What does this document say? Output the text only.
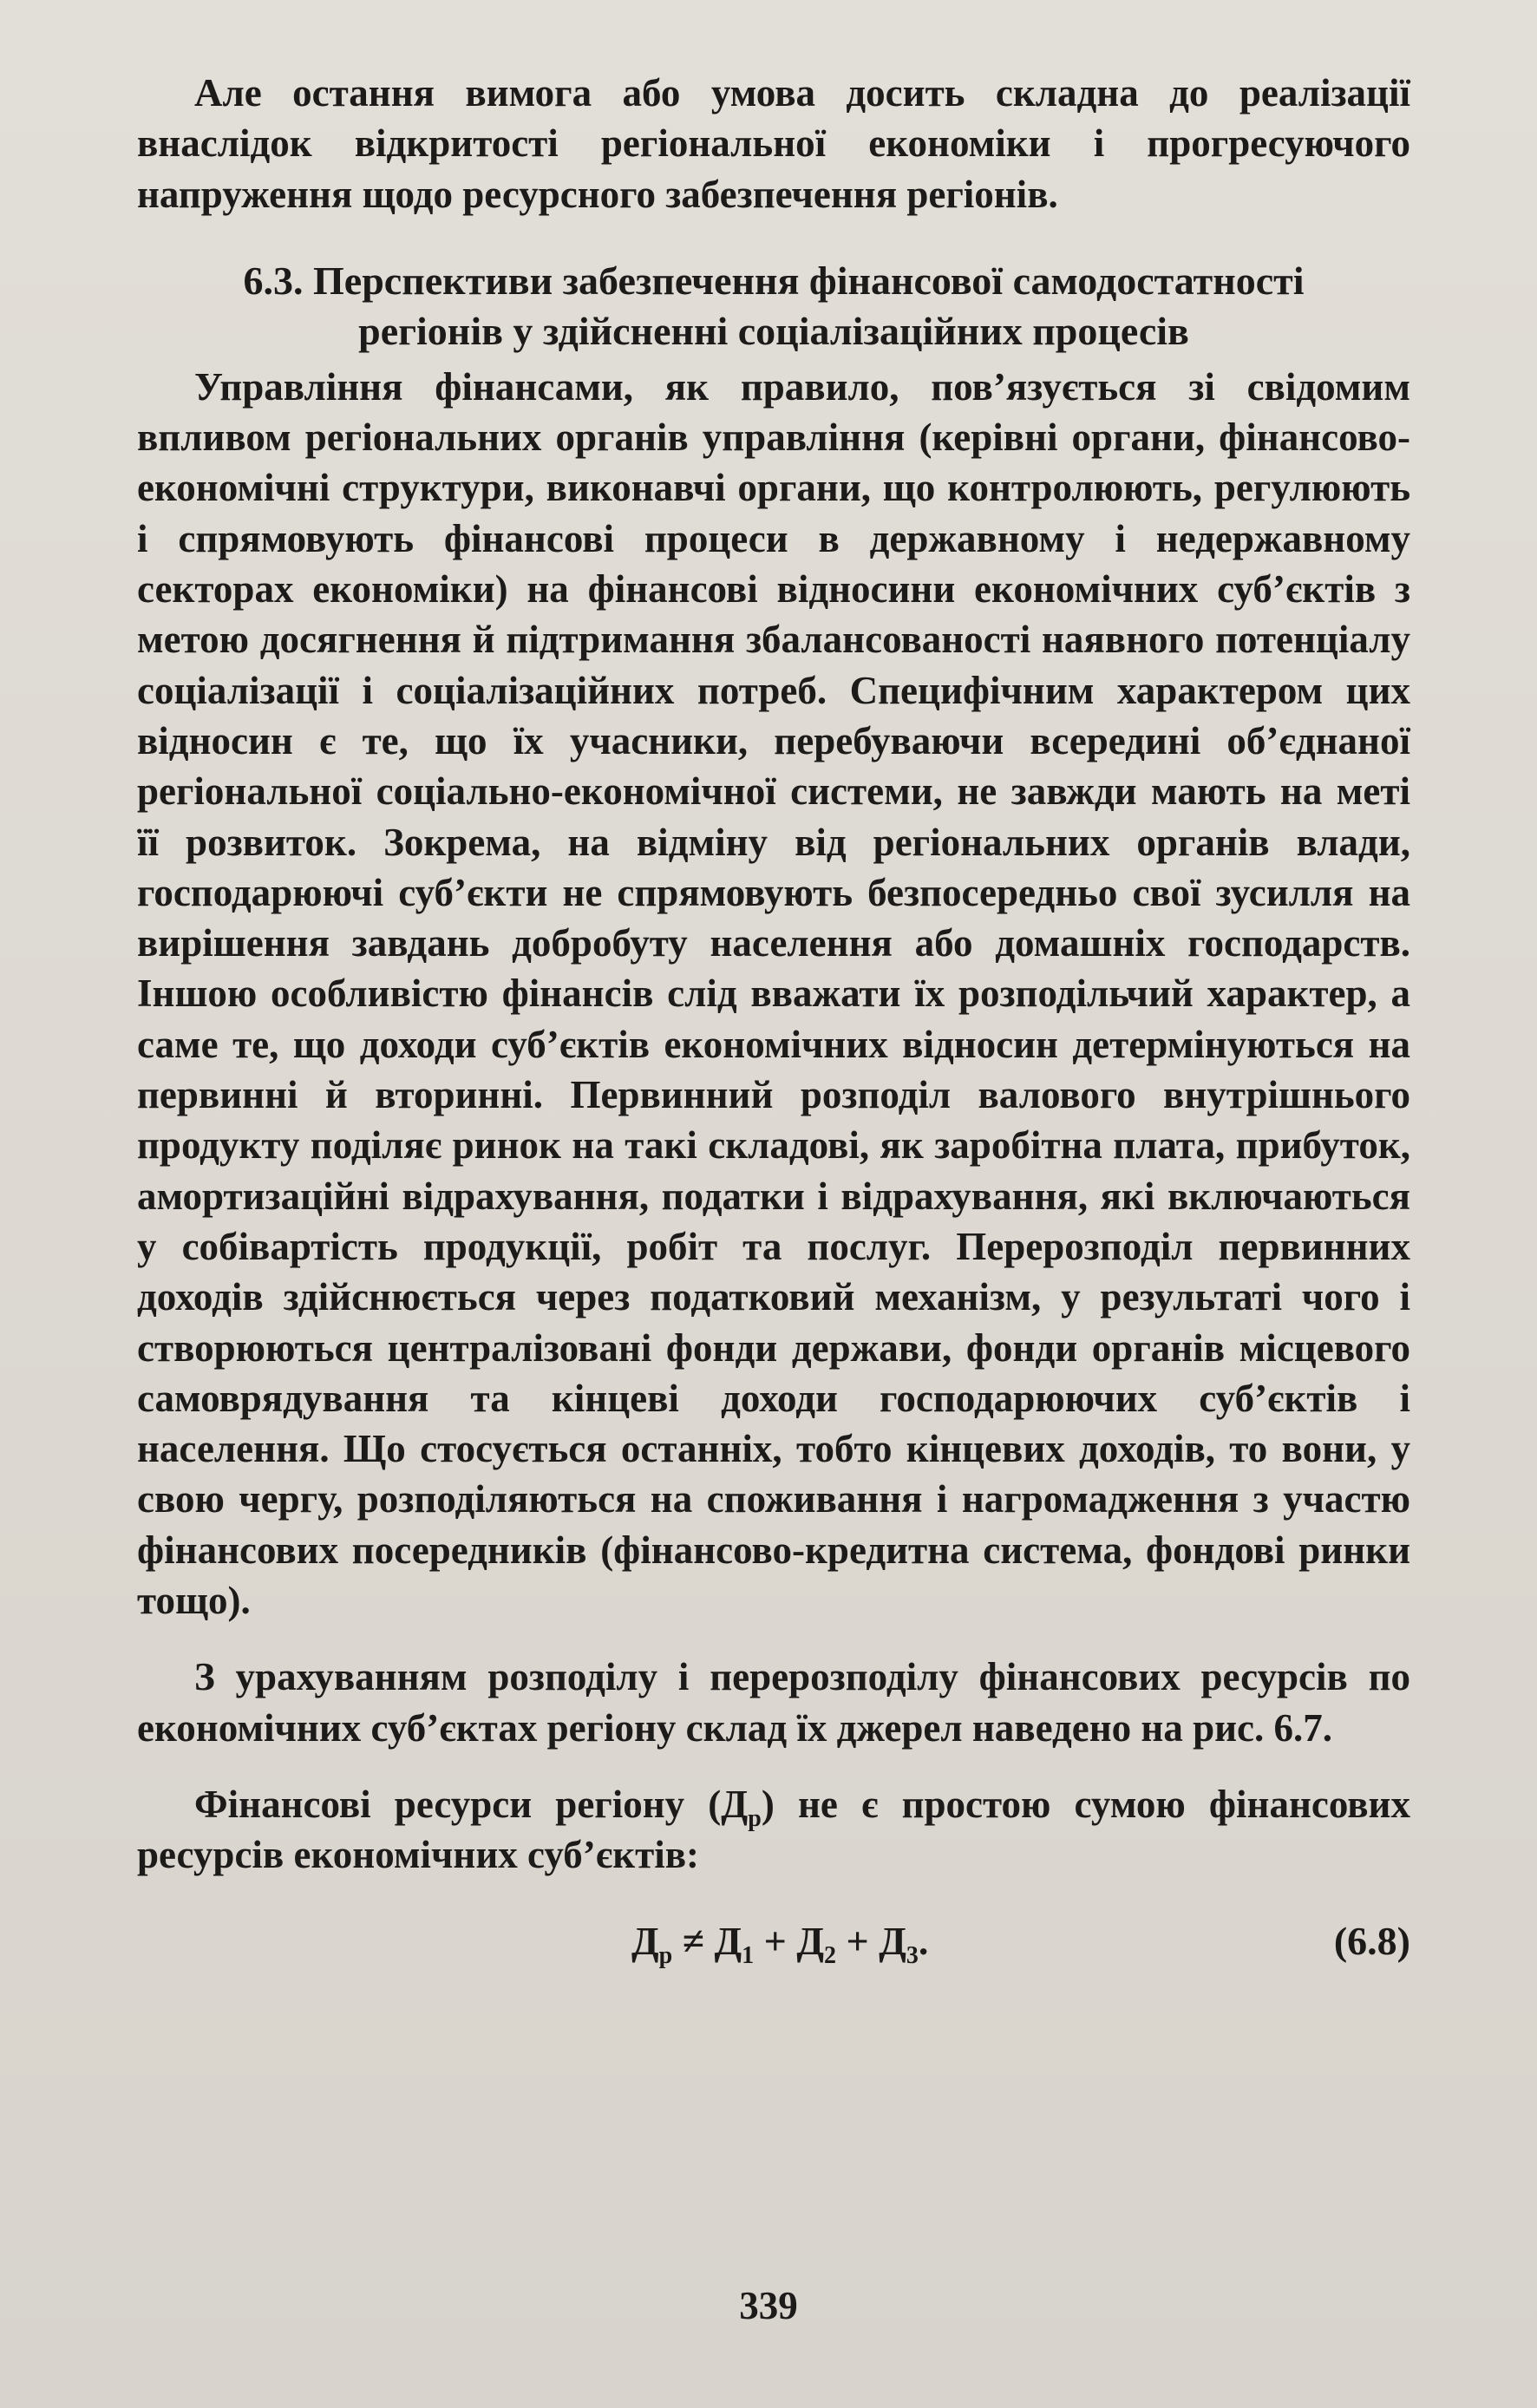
Але остання вимога або умова досить складна до реалізації внаслідок відкритості регіональної економіки і прогресуючого напруження щодо ресурсного забезпечення регіонів.

6.3. Перспективи забезпечення фінансової самодостатності
регіонів у здійсненні соціалізаційних процесів

Управління фінансами, як правило, пов’язується зі свідомим впливом регіональних органів управління (керівні органи, фінансово-економічні структури, виконавчі органи, що контролюють, регулюють і спрямовують фінансові процеси в державному і недержавному секторах економіки) на фінансові відносини економічних суб’єктів з метою досягнення й підтримання збалансованості наявного потенціалу соціалізації і соціалізаційних потреб. Специфічним характером цих відносин є те, що їх учасники, перебуваючи всередині об’єднаної регіональної соціально-економічної системи, не завжди мають на меті її розвиток. Зокрема, на відміну від регіональних органів влади, господарюючі суб’єкти не спрямовують безпосередньо свої зусилля на вирішення завдань добробуту населення або домашніх господарств. Іншою особливістю фінансів слід вважати їх розподільчий характер, а саме те, що доходи суб’єктів економічних відносин детермінуються на первинні й вторинні. Первинний розподіл валового внутрішнього продукту поділяє ринок на такі складові, як заробітна плата, прибуток, амортизаційні відрахування, податки і відрахування, які включаються у собівартість продукції, робіт та послуг. Перерозподіл первинних доходів здійснюється через податковий механізм, у результаті чого і створюються централізовані фонди держави, фонди органів місцевого самоврядування та кінцеві доходи господарюючих суб’єктів і населення. Що стосується останніх, тобто кінцевих доходів, то вони, у свою чергу, розподіляються на споживання і нагромадження з участю фінансових посередників (фінансово-кредитна система, фондові ринки тощо).

З урахуванням розподілу і перерозподілу фінансових ресурсів по економічних суб’єктах регіону склад їх джерел наведено на рис. 6.7.

Фінансові ресурси регіону $(Д_р)$ не є простою сумою фінансових ресурсів економічних суб’єктів:

$Д_р \ne Д_1 + Д_2 + Д_3$.	(6.8)
339
